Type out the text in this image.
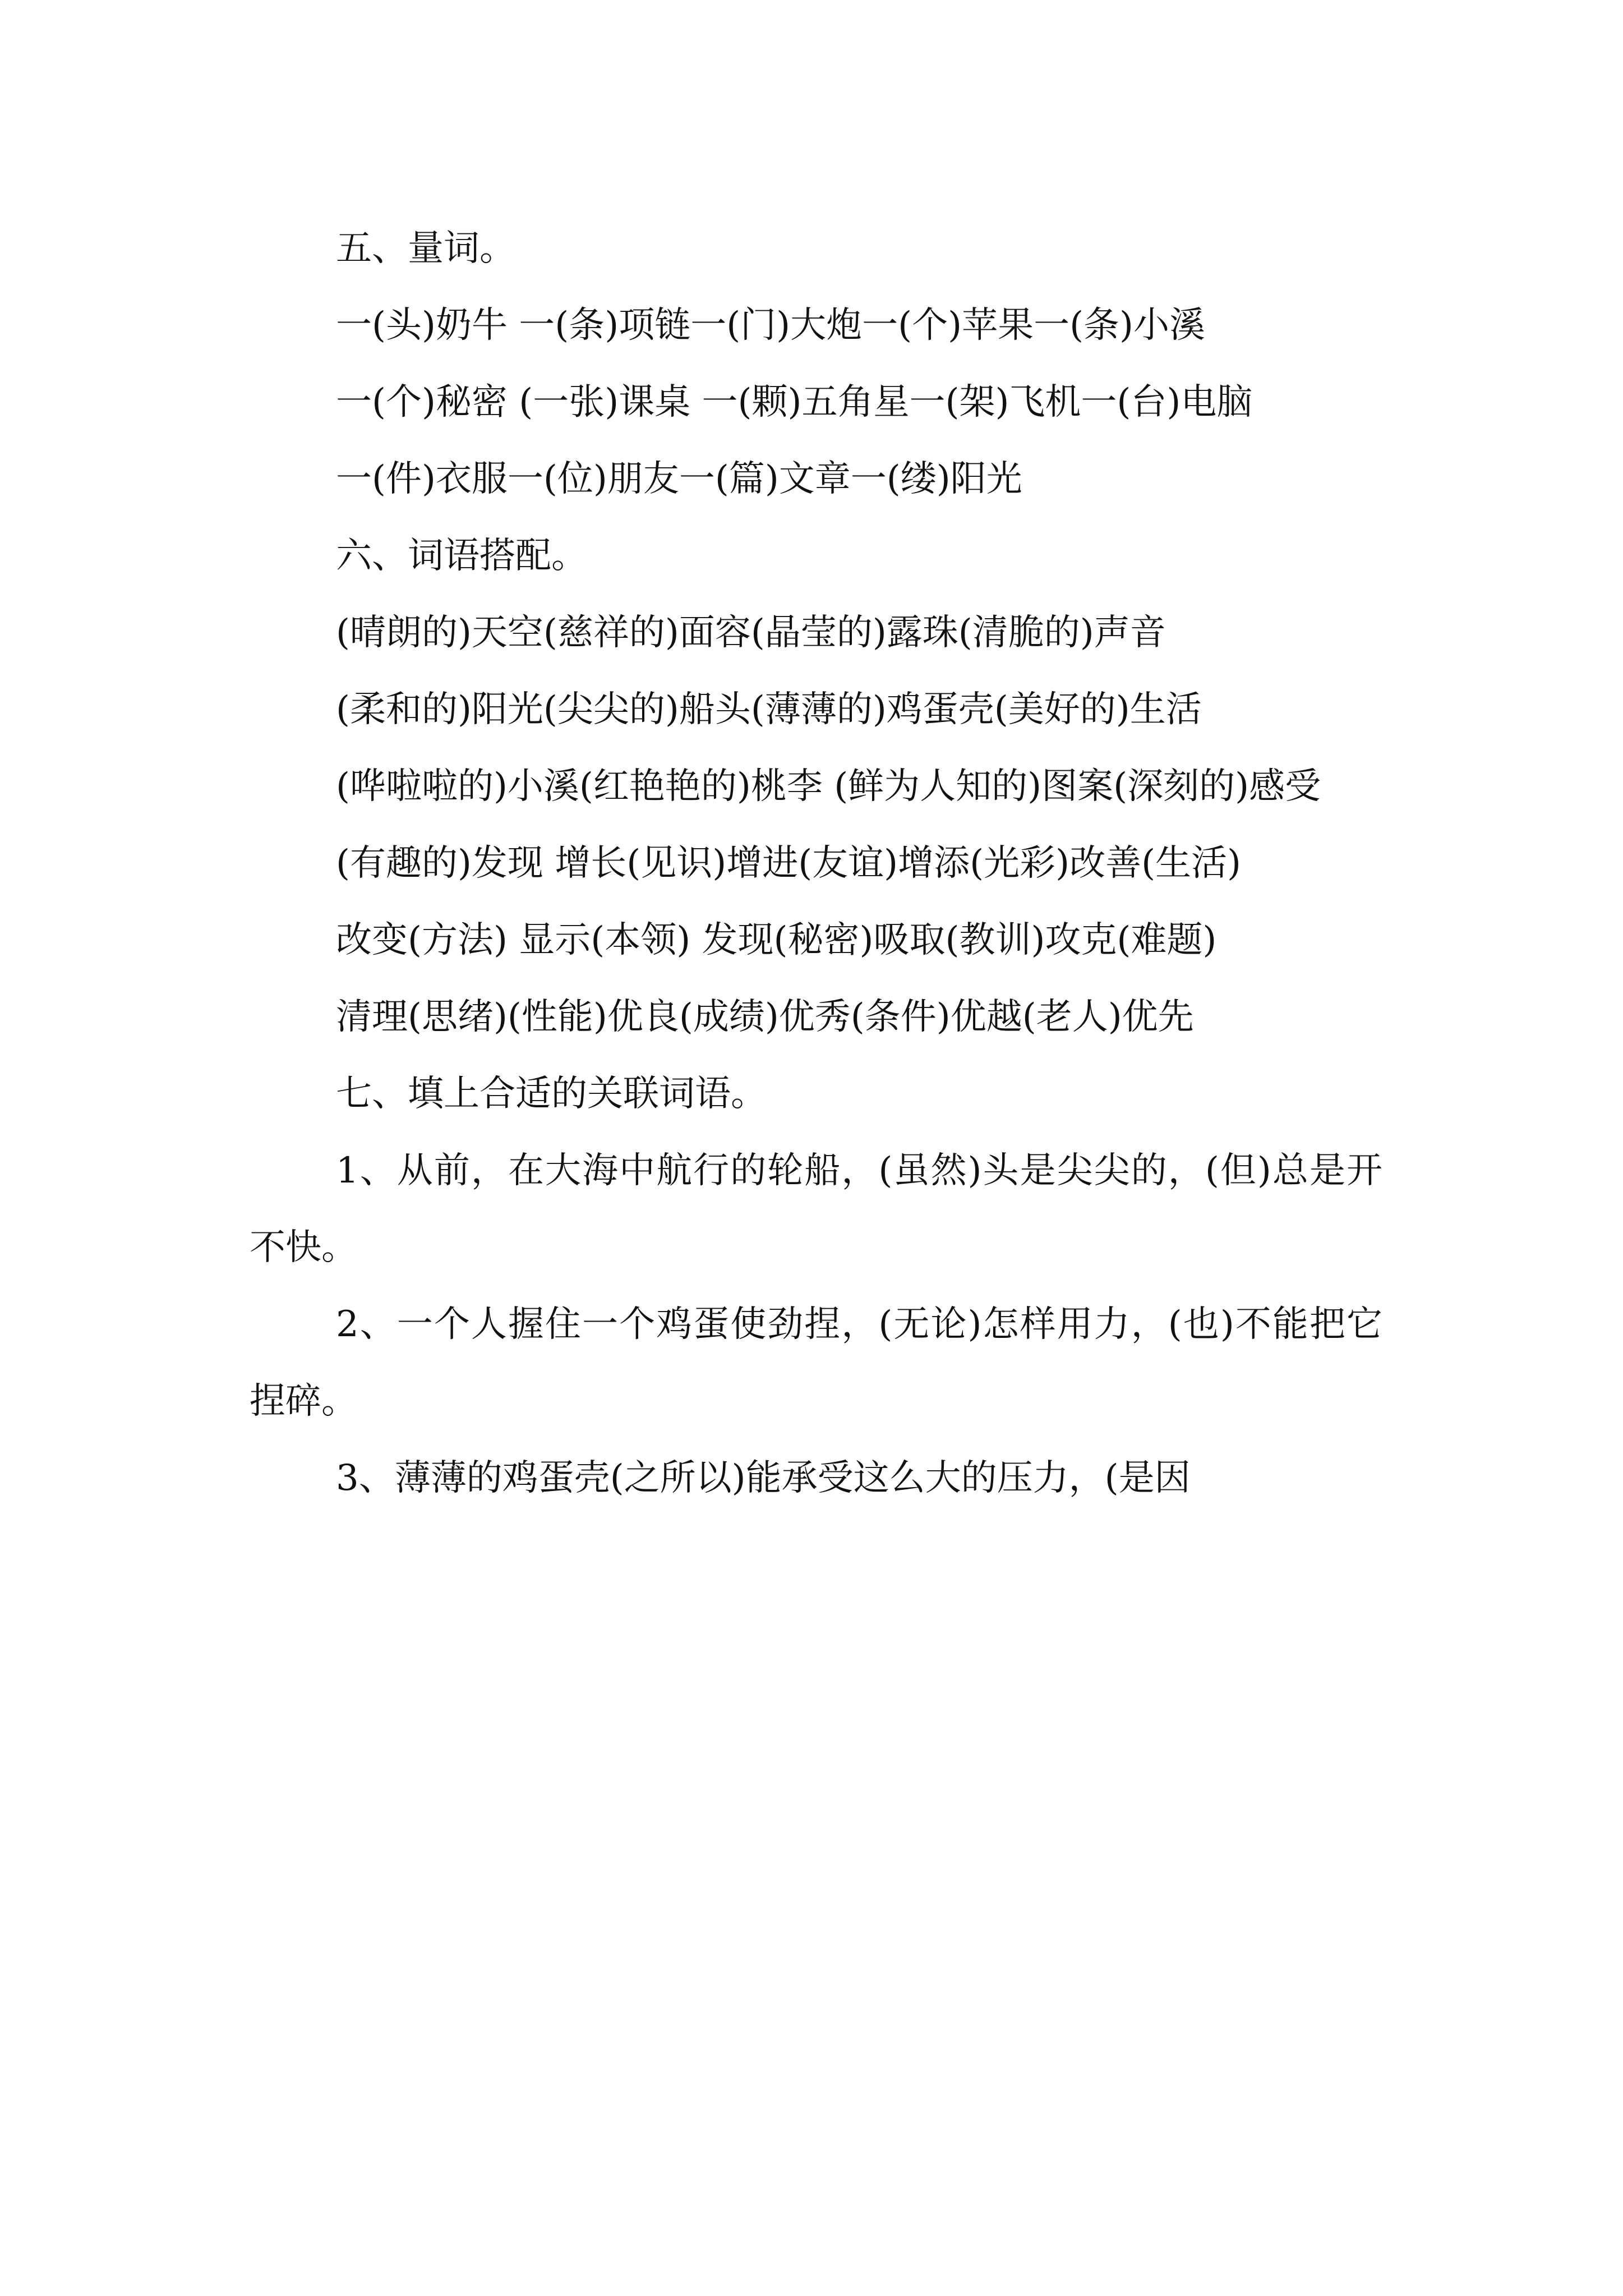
五、量词。

一(头)奶牛 一(条)项链一(门)大炮一(个)苹果一(条)小溪

一(个)秘密 (一张)课桌 一(颗)五角星一(架)飞机一(台)电脑

一(件)衣服一(位)朋友一(篇)文章一(缕)阳光

六、词语搭配。

(晴朗的)天空(慈祥的)面容(晶莹的)露珠(清脆的)声音

(柔和的)阳光(尖尖的)船头(薄薄的)鸡蛋壳(美好的)生活

(哗啦啦的)小溪(红艳艳的)桃李 (鲜为人知的)图案(深刻的)感受

(有趣的)发现 增长(见识)增进(友谊)增添(光彩)改善(生活)

改变(方法) 显示(本领) 发现(秘密)吸取(教训)攻克(难题)

清理(思绪)(性能)优良(成绩)优秀(条件)优越(老人)优先

七、填上合适的关联词语。

1、从前，在大海中航行的轮船，(虽然)头是尖尖的，(但)总是开不快。

2、一个人握住一个鸡蛋使劲捏，(无论)怎样用力，(也)不能把它捏碎。

3、薄薄的鸡蛋壳(之所以)能承受这么大的压力，(是因
